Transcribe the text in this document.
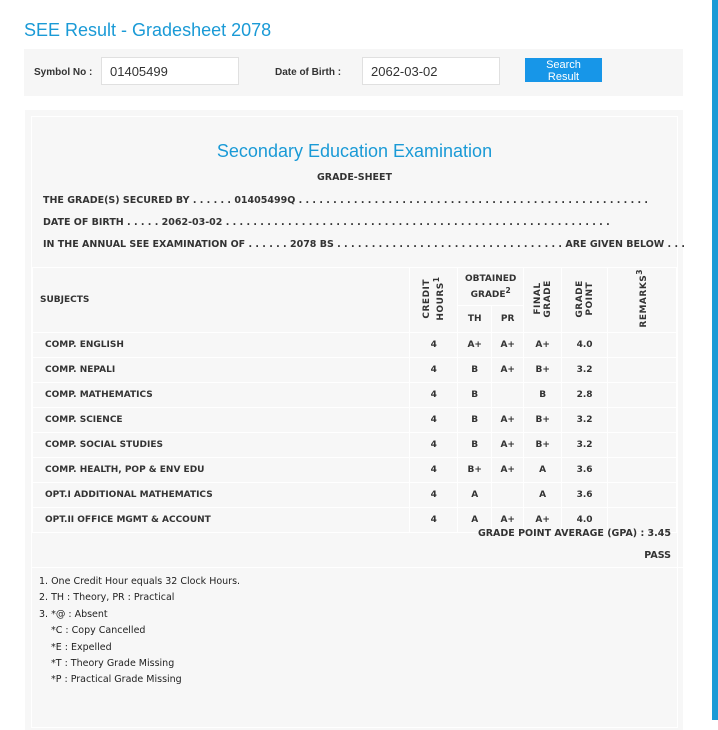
SEE Result - Gradesheet 2078
Symbol No :
01405499	Date of Birth :
2062-03-02
Search Result
Secondary Education Examination
GRADE-SHEET
THE GRADE(S) SECURED BY . . . . . . 01405499Q . . . . . . . . . . . . . . . . . . . . . . . . . . . . . . . . . . . . . . . . . . . . . . . . . . .
DATE OF BIRTH . . . . . 2062-03-02 . . . . . . . . . . . . . . . . . . . . . . . . . . . . . . . . . . . . . . . . . . . . . . . . . . . . . . . .
IN THE ANNUAL SEE EXAMINATION OF . . . . . . 2078 BS . . . . . . . . . . . . . . . . . . . . . . . . . . . . . . . . . ARE GIVEN BELOW . . .
SUBJECTS	CREDIT HOURS$^1$	OBTAINED GRADE$^2$		FINAL GRADE	GRADE POINT	REMARKS$^3$
		TH	PR			
COMP. ENGLISH	4	A+	A+	A+	4.0	
COMP. NEPALI	4	B	A+	B+	3.2	
COMP. MATHEMATICS	4	B		B	2.8	
COMP. SCIENCE	4	B	A+	B+	3.2	
COMP. SOCIAL STUDIES	4	B	A+	B+	3.2	
COMP. HEALTH, POP & ENV EDU	4	B+	A+	A	3.6	
OPT.I ADDITIONAL MATHEMATICS	4	A		A	3.6	
OPT.II OFFICE MGMT & ACCOUNT	4	A	A+	A+	4.0	
GRADE POINT AVERAGE (GPA) : 3.45
PASS
1. One Credit Hour equals 32 Clock Hours.
2. TH : Theory, PR : Practical
3. *@ : Absent
*C : Copy Cancelled
*E : Expelled
*T : Theory Grade Missing
*P : Practical Grade Missing
